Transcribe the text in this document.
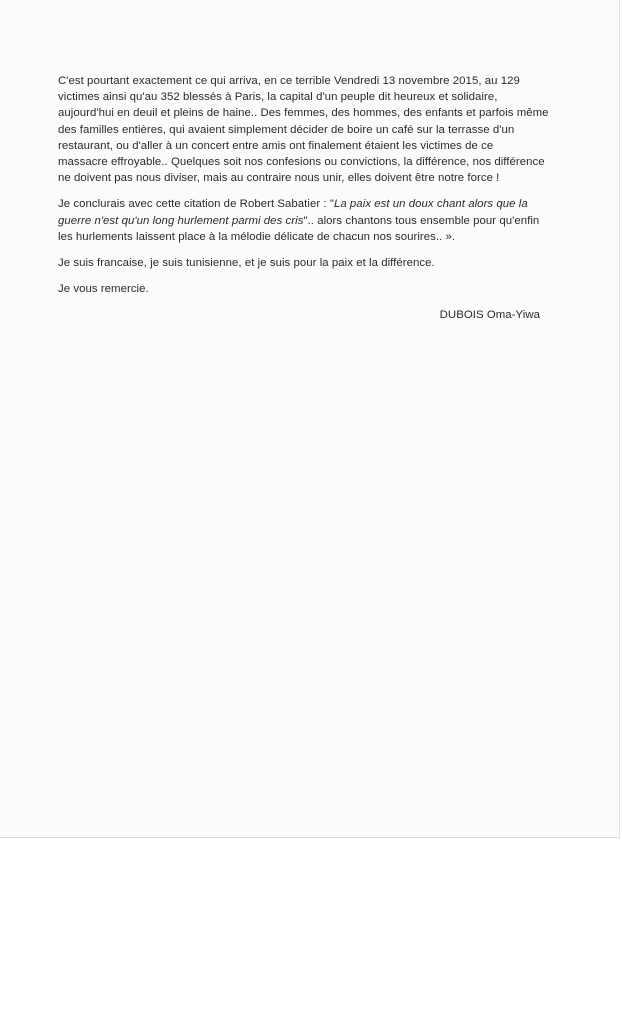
C'est pourtant exactement ce qui arriva, en ce terrible Vendredi 13 novembre 2015, au 129
victimes ainsi qu'au 352 blessés à Paris, la capital d'un peuple dit heureux et solidaire,
aujourd'hui en deuil et pleins de haine.. Des femmes, des hommes, des enfants et parfois même
des familles entières, qui avaient simplement décider de boire un café sur la terrasse d'un
restaurant, ou d'aller à un concert entre amis ont finalement étaient les victimes de ce
massacre effroyable.. Quelques soit nos confesions ou convictions, la différence, nos différence
ne doivent pas nous diviser, mais au contraire nous unir, elles doivent être notre force !
Je conclurais avec cette citation de Robert Sabatier : "La paix est un doux chant alors que la
guerre n'est qu'un long hurlement parmi des cris".. alors chantons tous ensemble pour qu'enfin
les hurlements laissent place à la mélodie délicate de chacun nos sourires.. ».
Je suis francaise, je suis tunisienne, et je suis pour la paix et la différence.
Je vous remercie.
DUBOIS Oma-Yiwa
